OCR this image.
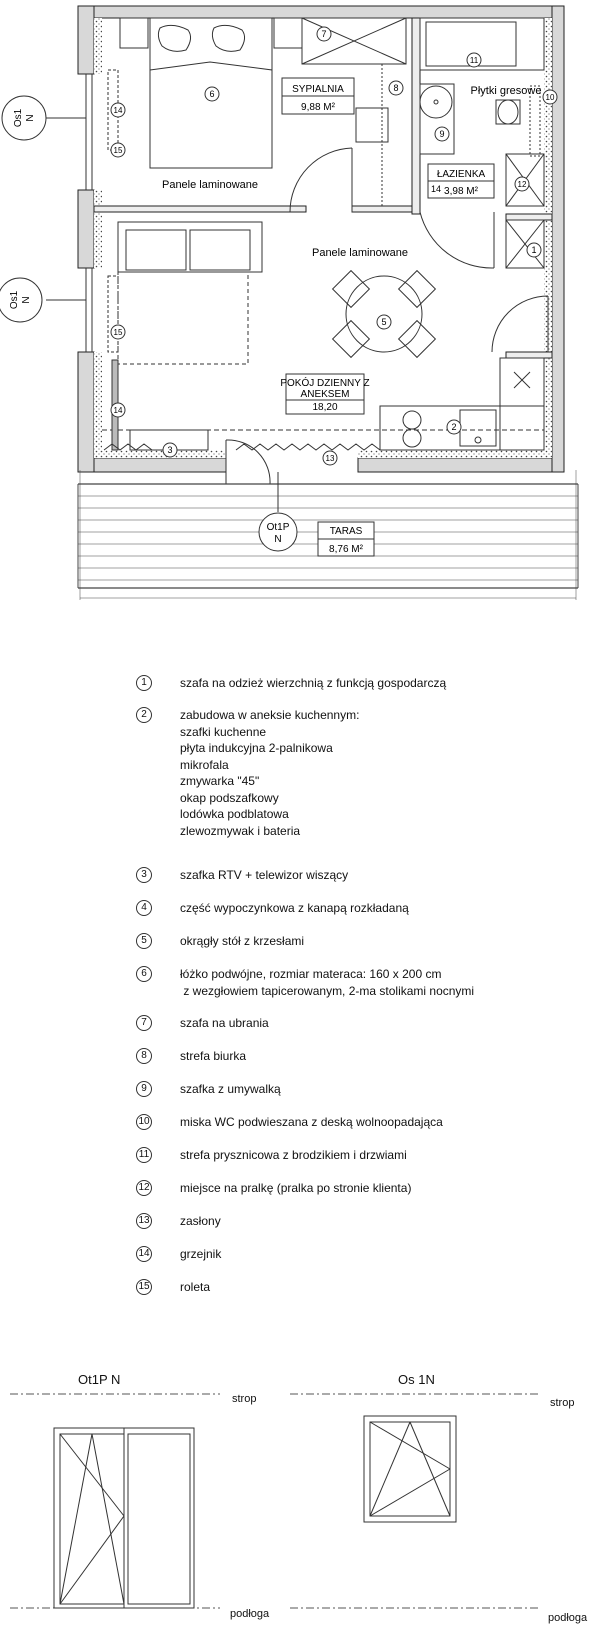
Os1 N
Os1 N
Ot1P
N
SYPIALNIA
9,88 M²
ŁAZIENKA
3,98 M²
POKÓJ DZIENNY Z
ANEKSEM
18,20
TARAS
8,76 M²
Panele laminowane
Panele laminowane
Płytki gresowe
1
2
3
5
6
7
8
9
10
11
12
13
14
14
14
15
15
1	szafa na odzież wierzchnią z funkcją gospodarczą
2	zabudowa w aneksie kuchennym:
szafki kuchenne
płyta indukcyjna 2-palnikowa
mikrofala
zmywarka "45"
okap podszafkowy
lodówka podblatowa
zlewozmywak i bateria
3	szafka RTV + telewizor wiszący
4	część wypoczynkowa z kanapą rozkładaną
5	okrągły stół z krzesłami
6	łóżko podwójne, rozmiar materaca: 160 x 200 cm
z wezgłowiem tapicerowanym, 2-ma stolikami nocnymi
7	szafa na ubrania
8	strefa biurka
9	szafka z umywalką
10	miska WC podwieszana z deską wolnoopadająca
11	strefa prysznicowa z brodzikiem i drzwiami
12	miejsce na pralkę (pralka po stronie klienta)
13	zasłony
14	grzejnik
15	roleta
Ot1P N	Os 1N
strop	strop
podłoga	podłoga
